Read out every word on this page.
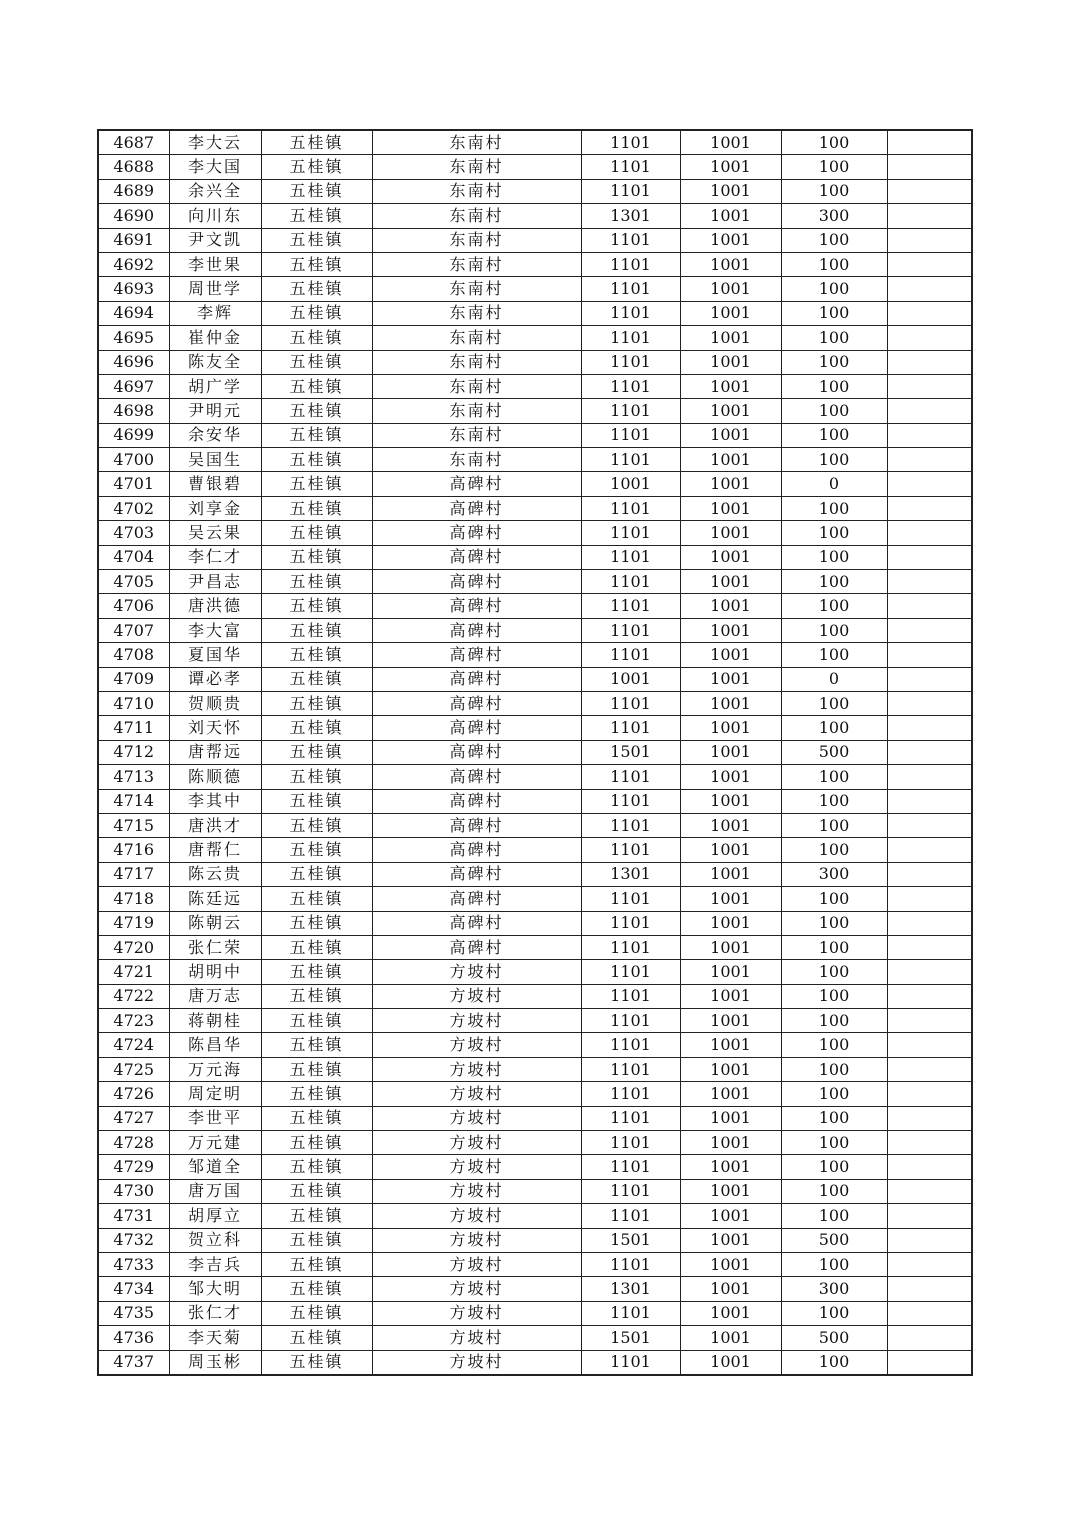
4687	李大云	五桂镇	东南村	1101	1001	100	
4688	李大国	五桂镇	东南村	1101	1001	100	
4689	余兴全	五桂镇	东南村	1101	1001	100	
4690	向川东	五桂镇	东南村	1301	1001	300	
4691	尹文凯	五桂镇	东南村	1101	1001	100	
4692	李世果	五桂镇	东南村	1101	1001	100	
4693	周世学	五桂镇	东南村	1101	1001	100	
4694	李辉	五桂镇	东南村	1101	1001	100	
4695	崔仲金	五桂镇	东南村	1101	1001	100	
4696	陈友全	五桂镇	东南村	1101	1001	100	
4697	胡广学	五桂镇	东南村	1101	1001	100	
4698	尹明元	五桂镇	东南村	1101	1001	100	
4699	余安华	五桂镇	东南村	1101	1001	100	
4700	吴国生	五桂镇	东南村	1101	1001	100	
4701	曹银碧	五桂镇	高碑村	1001	1001	0	
4702	刘享金	五桂镇	高碑村	1101	1001	100	
4703	吴云果	五桂镇	高碑村	1101	1001	100	
4704	李仁才	五桂镇	高碑村	1101	1001	100	
4705	尹昌志	五桂镇	高碑村	1101	1001	100	
4706	唐洪德	五桂镇	高碑村	1101	1001	100	
4707	李大富	五桂镇	高碑村	1101	1001	100	
4708	夏国华	五桂镇	高碑村	1101	1001	100	
4709	谭必孝	五桂镇	高碑村	1001	1001	0	
4710	贺顺贵	五桂镇	高碑村	1101	1001	100	
4711	刘天怀	五桂镇	高碑村	1101	1001	100	
4712	唐帮远	五桂镇	高碑村	1501	1001	500	
4713	陈顺德	五桂镇	高碑村	1101	1001	100	
4714	李其中	五桂镇	高碑村	1101	1001	100	
4715	唐洪才	五桂镇	高碑村	1101	1001	100	
4716	唐帮仁	五桂镇	高碑村	1101	1001	100	
4717	陈云贵	五桂镇	高碑村	1301	1001	300	
4718	陈廷远	五桂镇	高碑村	1101	1001	100	
4719	陈朝云	五桂镇	高碑村	1101	1001	100	
4720	张仁荣	五桂镇	高碑村	1101	1001	100	
4721	胡明中	五桂镇	方坡村	1101	1001	100	
4722	唐万志	五桂镇	方坡村	1101	1001	100	
4723	蒋朝桂	五桂镇	方坡村	1101	1001	100	
4724	陈昌华	五桂镇	方坡村	1101	1001	100	
4725	万元海	五桂镇	方坡村	1101	1001	100	
4726	周定明	五桂镇	方坡村	1101	1001	100	
4727	李世平	五桂镇	方坡村	1101	1001	100	
4728	万元建	五桂镇	方坡村	1101	1001	100	
4729	邹道全	五桂镇	方坡村	1101	1001	100	
4730	唐万国	五桂镇	方坡村	1101	1001	100	
4731	胡厚立	五桂镇	方坡村	1101	1001	100	
4732	贺立科	五桂镇	方坡村	1501	1001	500	
4733	李吉兵	五桂镇	方坡村	1101	1001	100	
4734	邹大明	五桂镇	方坡村	1301	1001	300	
4735	张仁才	五桂镇	方坡村	1101	1001	100	
4736	李天菊	五桂镇	方坡村	1501	1001	500	
4737	周玉彬	五桂镇	方坡村	1101	1001	100	
